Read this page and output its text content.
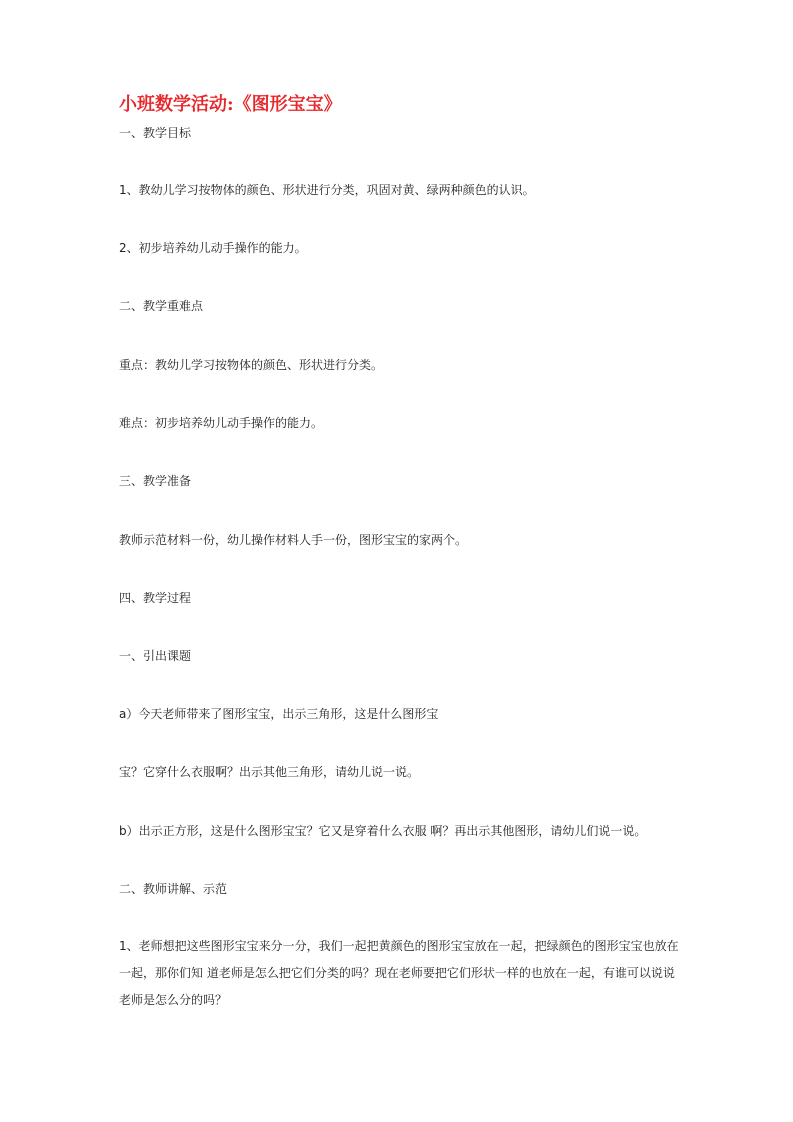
小班数学活动:《图形宝宝》
一、教学目标
1、教幼儿学习按物体的颜色、形状进行分类，巩固对黄、绿两种颜色的认识。
2、初步培养幼儿动手操作的能力。
二、教学重难点
重点：教幼儿学习按物体的颜色、形状进行分类。
难点：初步培养幼儿动手操作的能力。
三、教学准备
教师示范材料一份，幼儿操作材料人手一份，图形宝宝的家两个。
四、教学过程
一、引出课题
a）今天老师带来了图形宝宝，出示三角形，这是什么图形宝
宝？它穿什么衣服啊？出示其他三角形，请幼儿说一说。
b）出示正方形，这是什么图形宝宝？它又是穿着什么衣服 啊？再出示其他图形，请幼儿们说一说。
二、教师讲解、示范
1、老师想把这些图形宝宝来分一分，我们一起把黄颜色的图形宝宝放在一起，把绿颜色的图形宝宝也放在一起，那你们知 道老师是怎么把它们分类的吗？现在老师要把它们形状一样的也放在一起，有谁可以说说老师是怎么分的吗？
